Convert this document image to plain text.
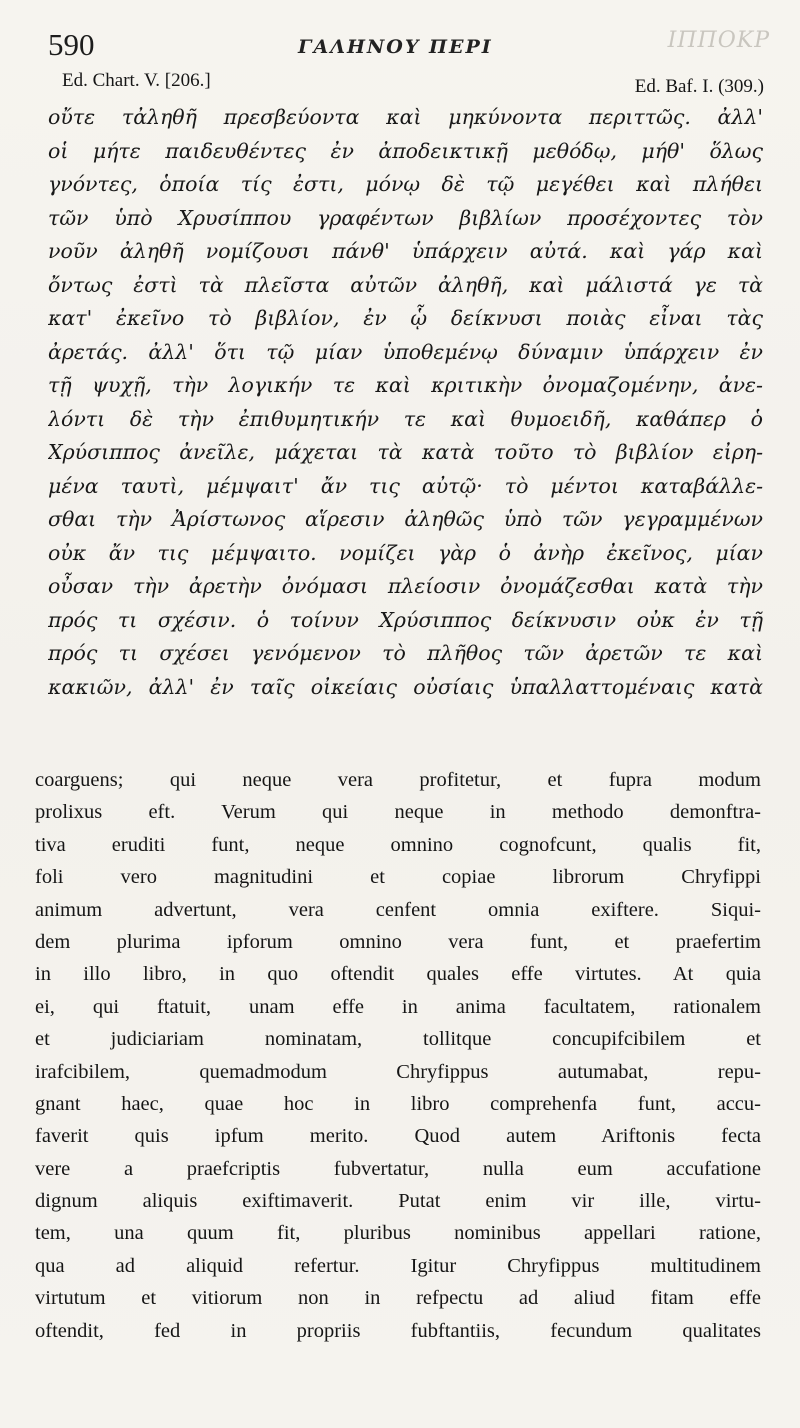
ΙΠΠΟΚΡ
590	ΓΑΛΗΝΟΥ ΠΕΡΙ
Ed. Chart. V. [206.]	Ed. Baf. I. (309.)
οὔτε τἀληθῆ πρεσβεύοντα καὶ μηκύνοντα περιττῶς. ἀλλ'
οἱ μήτε παιδευθέντες ἐν ἀποδεικτικῇ μεθόδῳ, μήθ' ὅλως
γνόντες, ὁποία τίς ἐστι, μόνῳ δὲ τῷ μεγέθει καὶ πλήθει
τῶν ὑπὸ Χρυσίππου γραφέντων βιβλίων προσέχοντες τὸν
νοῦν ἀληθῆ νομίζουσι πάνθ' ὑπάρχειν αὐτά. καὶ γάρ καὶ
ὄντως ἐστὶ τὰ πλεῖστα αὐτῶν ἀληθῆ, καὶ μάλιστά γε τὰ
κατ' ἐκεῖνο τὸ βιβλίον, ἐν ᾧ δείκνυσι ποιὰς εἶναι τὰς
ἀρετάς. ἀλλ' ὅτι τῷ μίαν ὑποθεμένῳ δύναμιν ὑπάρχειν ἐν
τῇ ψυχῇ, τὴν λογικήν τε καὶ κριτικὴν ὀνομαζομένην, ἀνε-
λόντι δὲ τὴν ἐπιθυμητικήν τε καὶ θυμοειδῆ, καθάπερ ὁ
Χρύσιππος ἀνεῖλε, μάχεται τὰ κατὰ τοῦτο τὸ βιβλίον εἰρη-
μένα ταυτὶ, μέμψαιτ' ἄν τις αὐτῷ· τὸ μέντοι καταβάλλε-
σθαι τὴν Ἀρίστωνος αἵρεσιν ἀληθῶς ὑπὸ τῶν γεγραμμένων
οὐκ ἄν τις μέμψαιτο. νομίζει γὰρ ὁ ἀνὴρ ἐκεῖνος, μίαν
οὖσαν τὴν ἀρετὴν ὀνόμασι πλείοσιν ὀνομάζεσθαι κατὰ τὴν
πρός τι σχέσιν. ὁ τοίνυν Χρύσιππος δείκνυσιν οὐκ ἐν τῇ
πρός τι σχέσει γενόμενον τὸ πλῆθος τῶν ἀρετῶν τε καὶ
κακιῶν, ἀλλ' ἐν ταῖς οἰκείαις οὐσίαις ὑπαλλαττομέναις κατὰ
coarguens; qui neque vera profitetur, et fupra modum
prolixus eft. Verum qui neque in methodo demonftra-
tiva eruditi funt, neque omnino cognofcunt, qualis fit,
foli vero magnitudini et copiae librorum Chryfippi
animum advertunt, vera cenfent omnia exiftere. Siqui-
dem plurima ipforum omnino vera funt, et praefertim
in illo libro, in quo oftendit quales effe virtutes. At quia
ei, qui ftatuit, unam effe in anima facultatem, rationalem
et judiciariam nominatam, tollitque concupifcibilem et
irafcibilem, quemadmodum Chryfippus autumabat, repu-
gnant haec, quae hoc in libro comprehenfa funt, accu-
faverit quis ipfum merito. Quod autem Ariftonis fecta
vere a praefcriptis fubvertatur, nulla eum accufatione
dignum aliquis exiftimaverit. Putat enim vir ille, virtu-
tem, una quum fit, pluribus nominibus appellari ratione,
qua ad aliquid refertur. Igitur Chryfippus multitudinem
virtutum et vitiorum non in refpectu ad aliud fitam effe
oftendit, fed in propriis fubftantiis, fecundum qualitates
